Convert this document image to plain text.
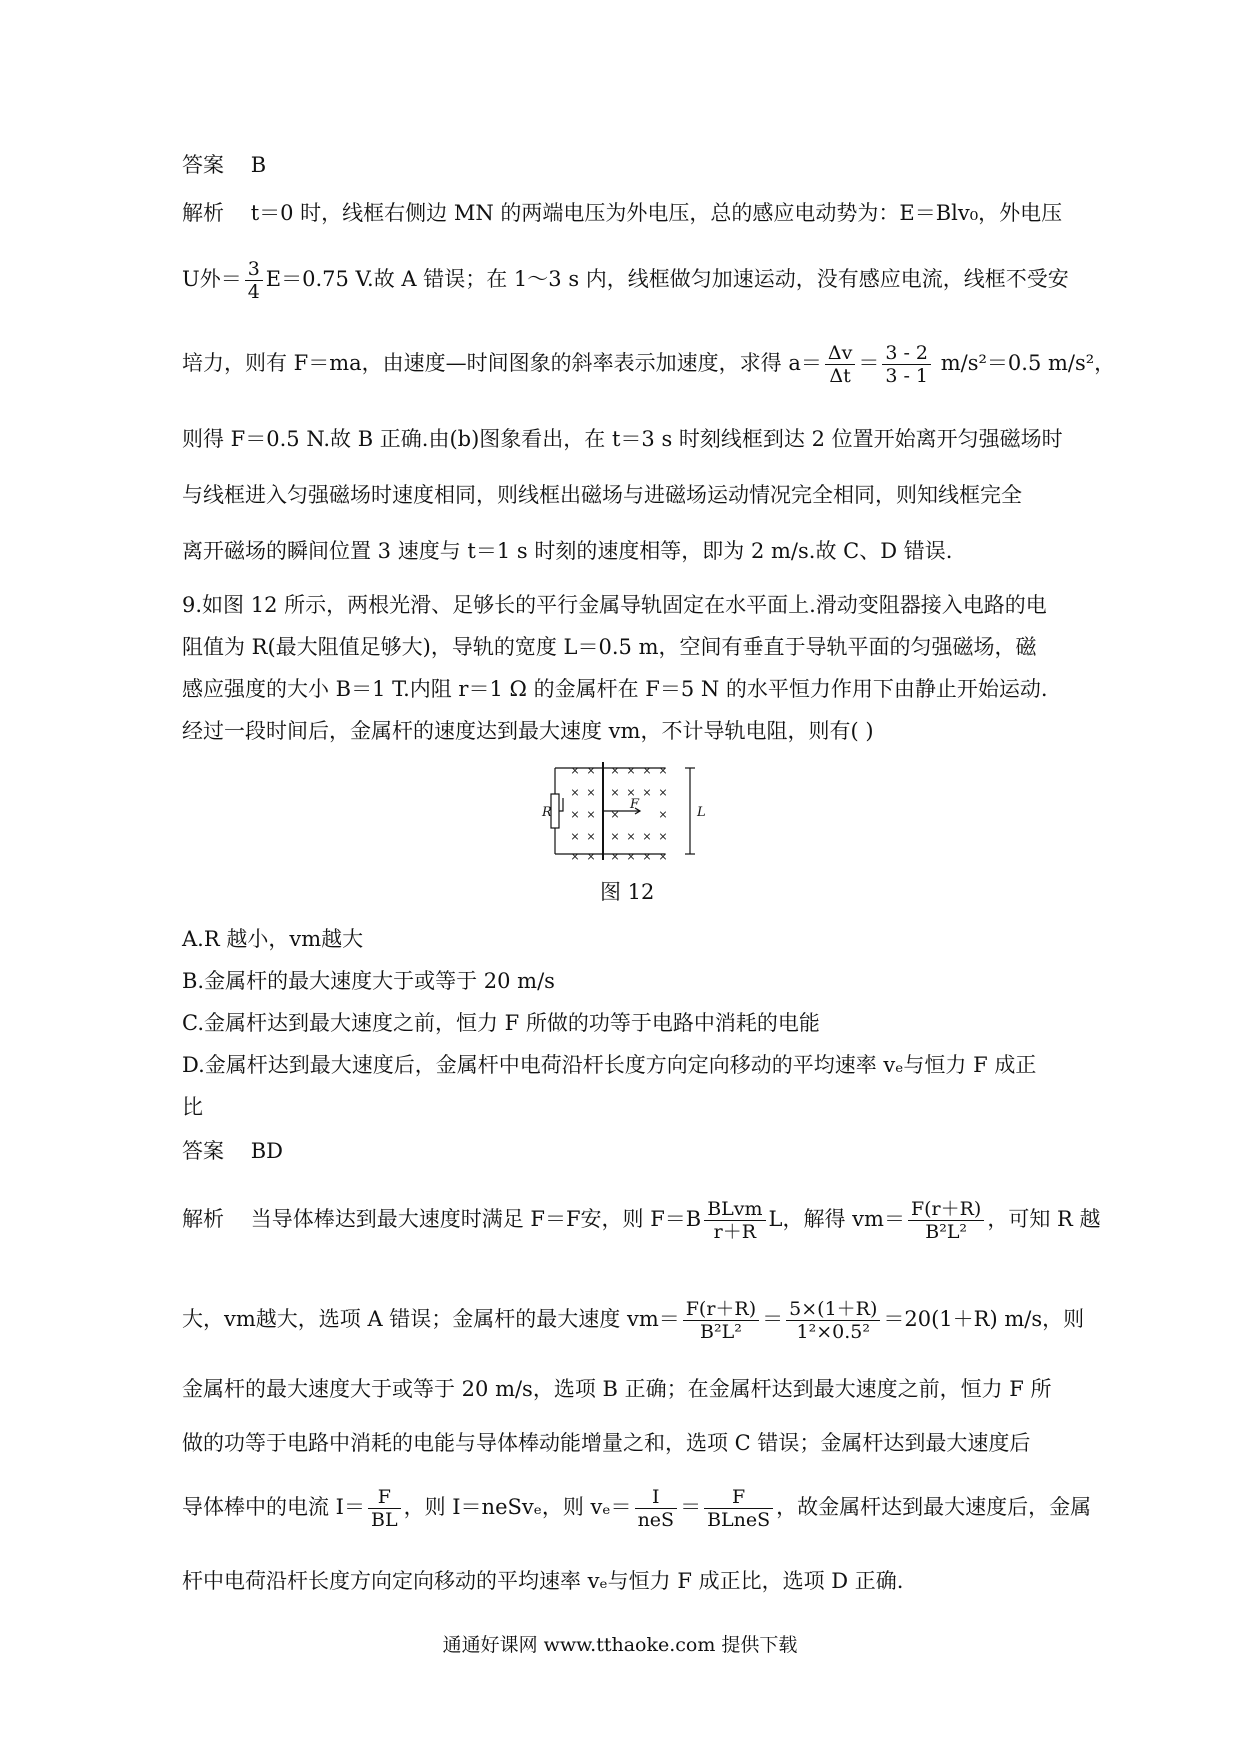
答案 B
解析 t＝0 时，线框右侧边 MN 的两端电压为外电压，总的感应电动势为：E＝Blv₀，外电压
U外＝ $\frac{3}{4} E=0.75$ V.故 A 错误；在 1～3 s 内，线框做匀加速运动，没有感应电流，线框不受安
培力，则有 F＝ma，由速度—时间图象的斜率表示加速度，求得 $a= \frac{\Delta v}{\Delta t} = \frac{3 - 2}{3 - 1} m/s^2=0.5$ m/s²，
则得 F＝0.5 N.故 B 正确.由(b)图象看出，在 t＝3 s 时刻线框到达 2 位置开始离开匀强磁场时
与线框进入匀强磁场时速度相同，则线框出磁场与进磁场运动情况完全相同，则知线框完全
离开磁场的瞬间位置 3 速度与 t＝1 s 时刻的速度相等，即为 2 m/s.故 C、D 错误.
9.如图 12 所示，两根光滑、足够长的平行金属导轨固定在水平面上.滑动变阻器接入电路的电
阻值为 R(最大阻值足够大)，导轨的宽度 L＝0.5 m，空间有垂直于导轨平面的匀强磁场，磁
感应强度的大小 B＝1 T.内阻 r＝1 Ω 的金属杆在 F＝5 N 的水平恒力作用下由静止开始运动.
经过一段时间后，金属杆的速度达到最大速度 vm，不计导轨电阻，则有( )
× × × × × ×
× × × × × ×
× × ×	×
× × × × × ×
× × × × × ×
R
F
L
图 12
A.R 越小，vm越大
B.金属杆的最大速度大于或等于 20 m/s
C.金属杆达到最大速度之前，恒力 F 所做的功等于电路中消耗的电能
D.金属杆达到最大速度后，金属杆中电荷沿杆长度方向定向移动的平均速率 vₑ与恒力 F 成正
比
答案 BD
解析 当导体棒达到最大速度时满足 F＝F安，则 $F=B \frac{\text{BLvm}}{r+R}$ L，解得 $vm= \frac{F(r+R)}{\text{B²L²}}$ ，可知 R 越
大，vm越大，选项 A 错误；金属杆的最大速度 $vm= \frac{F(r+R)}{\text{B²L²}} = \frac{5\times(1+R)}{\text{1²×0.5²}} =20(1+R)$ m/s，则
金属杆的最大速度大于或等于 20 m/s，选项 B 正确；在金属杆达到最大速度之前，恒力 F 所
做的功等于电路中消耗的电能与导体棒动能增量之和，选项 C 错误；金属杆达到最大速度后
导体棒中的电流 $I= \frac{F}{BL}$ ，则 I＝neSvₑ，则 $v_e= \frac{I}{\text{neS}} = \frac{F}{\text{BLneS}}$ ，故金属杆达到最大速度后，金属
杆中电荷沿杆长度方向定向移动的平均速率 vₑ与恒力 F 成正比，选项 D 正确.
通通好课网 www.tthaoke.com 提供下载
